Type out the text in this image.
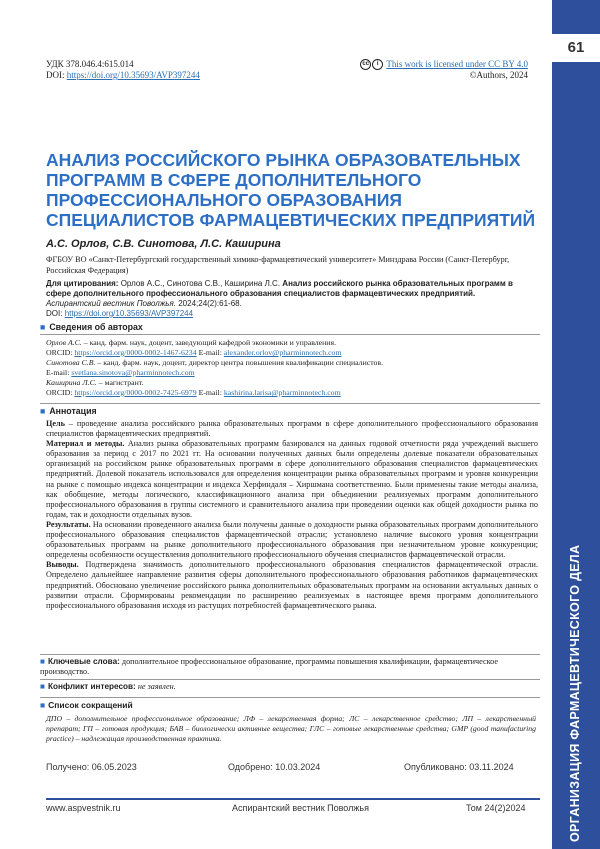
61
ОРГАНИЗАЦИЯ ФАРМАЦЕВТИЧЕСКОГО ДЕЛА
УДК 378.046.4:615.014
DOI: https://doi.org/10.35693/AVP397244
cc i This work is licensed under CC BY 4.0
©Authors, 2024
АНАЛИЗ РОССИЙСКОГО РЫНКА ОБРАЗОВАТЕЛЬНЫХ ПРОГРАММ В СФЕРЕ ДОПОЛНИТЕЛЬНОГО ПРОФЕССИОНАЛЬНОГО ОБРАЗОВАНИЯ СПЕЦИАЛИСТОВ ФАРМАЦЕВТИЧЕСКИХ ПРЕДПРИЯТИЙ
А.С. Орлов, С.В. Синотова, Л.С. Каширина
ФГБОУ ВО «Санкт-Петербургский государственный химико-фармацевтический университет» Минздрава России (Санкт-Петербург, Российская Федерация)
Для цитирования: Орлов А.С., Синотова С.В., Каширина Л.С. Анализ российского рынка образовательных программ в сфере дополнительного профессионального образования специалистов фармацевтических предприятий.
Аспирантский вестник Поволжья. 2024;24(2):61-68.
DOI: https://doi.org/10.35693/AVP397244
■ Сведения об авторах
Орлов А.С. – канд. фарм. наук, доцент, заведующий кафедрой экономики и управления.
ORCID: https://orcid.org/0000-0002-1467-6234 E-mail: alexander.orlov@pharminnotech.com
Синотова С.В. – канд. фарм. наук, доцент, директор центра повышения квалификации специалистов.
E-mail: svetlana.sinotova@pharminnotech.com
Каширина Л.С. – магистрант.
ORCID: https://orcid.org/0000-0002-7425-6979 E-mail: kashirina.larisa@pharminnotech.com
■ Аннотация

Цель – проведение анализа российского рынка образовательных программ в сфере дополнительного профессионального образования специалистов фармацевтических предприятий.

Материал и методы. Анализ рынка образовательных программ базировался на данных годовой отчетности ряда учреждений высшего образования за период с 2017 по 2021 гг. На основании полученных данных были определены долевые показатели образовательных организаций на российском рынке образовательных программ в сфере дополнительного образования специалистов фармацевтических предприятий. Долевой показатель использовался для определения концентрации рынка образовательных программ и уровня конкуренции на рынке с помощью индекса концентрации и индекса Херфиндаля – Хиршмана соответственно. Были применены такие методы анализа, как обобщение, методы логического, классификационного анализа при объединении реализуемых программ дополнительного профессионального образования в группы системного и сравнительного анализа при проведении оценки как общей доходности рынка по годам, так и доходности отдельных вузов.

Результаты. На основании проведенного анализа были получены данные о доходности рынка образовательных программ дополнительного профессионального образования специалистов фармацевтической отрасли; установлено наличие высокого уровня концентрации образовательных программ на рынке дополнительного профессионального образования при незначительном уровне конкуренции; определены особенности осуществления дополнительного профессионального обучения специалистов фармацевтической отрасли.

Выводы. Подтверждена значимость дополнительного профессионального образования специалистов фармацевтической отрасли. Определено дальнейшее направление развития сферы дополнительного профессионального образования работников фармацевтических предприятий. Обосновано увеличение российского рынка дополнительных образовательных программ на основании актуальных данных о развитии отрасли. Сформированы рекомендации по расширению реализуемых в настоящее время программ дополнительного профессионального образования исходя из растущих потребностей фармацевтического рынка.

■ Ключевые слова: дополнительное профессиональное образование, программы повышения квалификации, фармацевтическое производство.
■ Конфликт интересов: не заявлен.
■ Список сокращений
ДПО – дополнительное профессиональное образование; ЛФ – лекарственная форма; ЛС – лекарственное средство; ЛП – лекарственный препарат; ГП – готовая продукция; БАВ – биологически активные вещества; ГЛС – готовые лекарственные средства; GMP (good manufacturing practice) – надлежащая производственная практика.
Получено: 06.05.2023	Одобрено: 10.03.2024	Опубликовано: 03.11.2024
www.aspvestnik.ru	Аспирантский вестник Поволжья	Том 24(2)2024
